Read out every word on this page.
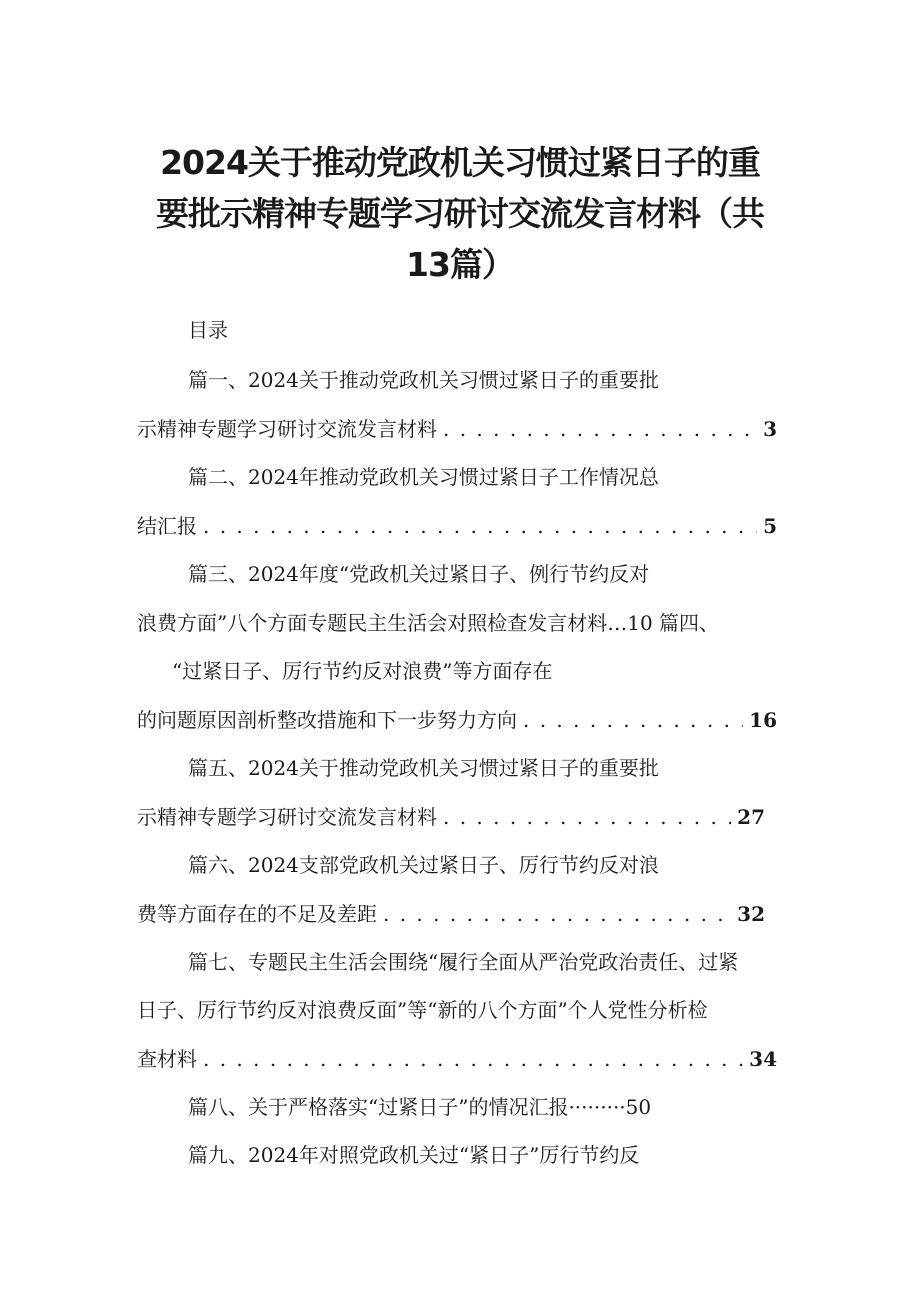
2024关于推动党政机关习惯过紧日子的重
要批示精神专题学习研讨交流发言材料（共
13篇）
目录
篇一、2024关于推动党政机关习惯过紧日子的重要批
示精神专题学习研讨交流发言材料 . . .	3
篇二、2024年推动党政机关习惯过紧日子工作情况总
结汇报 . . .	5
篇三、2024年度“党政机关过紧日子、例行节约反对
浪费方面”八个方面专题民主生活会对照检查发言材料…10 篇四、
“过紧日子、厉行节约反对浪费”等方面存在
的问题原因剖析整改措施和下一步努力方向 . . .	16
篇五、2024关于推动党政机关习惯过紧日子的重要批
示精神专题学习研讨交流发言材料 . . .	27
篇六、2024支部党政机关过紧日子、厉行节约反对浪
费等方面存在的不足及差距 . . .	32
篇七、专题民主生活会围绕“履行全面从严治党政治责任、过紧
日子、厉行节约反对浪费反面”等“新的八个方面”个人党性分析检
查材料 . . .	34
篇八、关于严格落实“过紧日子”的情况汇报·········50
篇九、2024年对照党政机关过“紧日子”厉行节约反
